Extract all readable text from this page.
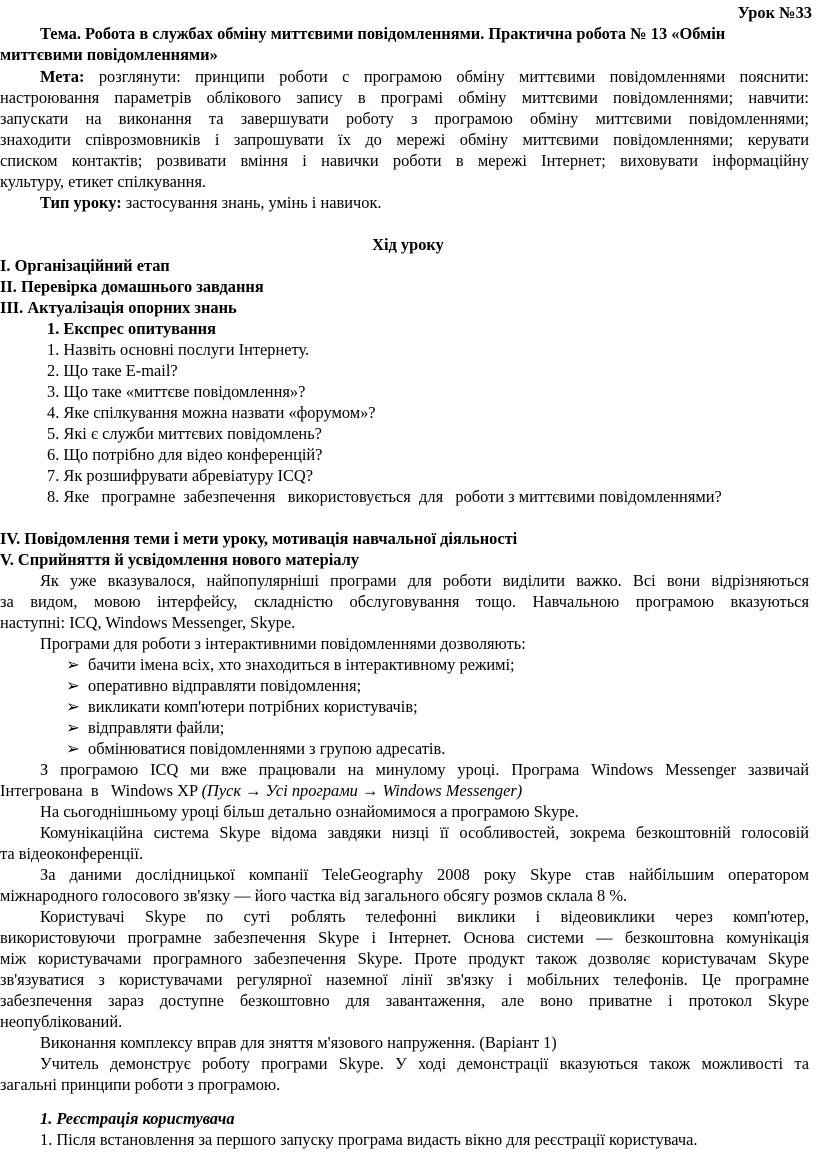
Урок №33
Тема. Робота в службах обміну миттєвими повідомленнями. Практична робота № 13 «Обмін
миттєвими повідомленнями»
Мета: розглянути: принципи роботи с програмою обміну миттєвими повідомленнями пояснити:
настроювання параметрів облікового запису в програмі обміну миттєвими повідомленнями; навчити:
запускати на виконання та завершувати роботу з програмою обміну миттєвими повідомленнями;
знаходити співрозмовників і запрошувати їх до мережі обміну миттєвими повідомленнями; керувати
списком контактів; розвивати вміння і навички роботи в мережі Інтернет; виховувати інформаційну
культуру, етикет спілкування.
Тип уроку: застосування знань, умінь і навичок.
Хід уроку
I. Організаційний етап
II. Перевірка домашнього завдання
III. Актуалізація опорних знань
1. Експрес опитування
1. Назвіть основні послуги Інтернету.
2. Що таке E-mail?
3. Що таке «миттєве повідомлення»?
4. Яке спілкування можна назвати «форумом»?
5. Які є служби миттєвих повідомлень?
6. Що потрібно для відео конференцій?
7. Як розшифрувати абревіатуру ICQ?
8. Яке   програмне  забезпечення   використовується  для   роботи з миттєвими повідомленнями?
IV. Повідомлення теми і мети уроку, мотивація навчальної діяльності
V. Сприйняття й усвідомлення нового матеріалу
Як уже вказувалося, найпопулярніші програми для роботи виділити важко. Всі вони відрізняються
за видом, мовою інтерфейсу, складністю обслуговування тощо. Навчальною програмою вказуються
наступні: ICQ, Windows Messenger, Skype.
Програми для роботи з інтерактивними повідомленнями дозволяють:
➢ бачити імена всіх, хто знаходиться в інтерактивному режимі;
➢ оперативно відправляти повідомлення;
➢ викликати комп'ютери потрібних користувачів;
➢ відправляти файли;
➢ обмінюватися повідомленнями з групою адресатів.
З програмою ICQ ми вже працювали на минулому уроці. Програма Windows Messenger зазвичай
Інтегрована  в   Windows XP (Пуск → Усі програми → Windows Messenger)
На сьогоднішньому уроці більш детально ознайомимося а програмою Skype.
Комунікаційна система Skype відома завдяки низці її особливостей, зокрема безкоштовній голосовій
та відеоконференції.
За даними дослідницької компанії TeleGeography 2008 року Skype став найбільшим оператором
міжнародного голосового зв'язку — його частка від загального обсягу розмов склала 8 %.
Користувачі Skype по суті роблять телефонні виклики і відеовиклики через комп'ютер,
використовуючи програмне забезпечення Skype і Інтернет. Основа системи — безкоштовна комунікація
між користувачами програмного забезпечення Skype. Проте продукт також дозволяє користувачам Skype
зв'язуватися з користувачами регулярної наземної лінії зв'язку і мобільних телефонів. Це програмне
забезпечення зараз доступне безкоштовно для завантаження, але воно приватне і протокол Skype
неопублікований.
Виконання комплексу вправ для зняття м'язового напруження. (Варіант 1)
Учитель демонструє роботу програми Skype. У ході демонстрації вказуються також можливості та
загальні принципи роботи з програмою.
1. Реєстрація користувача
1. Після встановлення за першого запуску програма видасть вікно для реєстрації користувача.
